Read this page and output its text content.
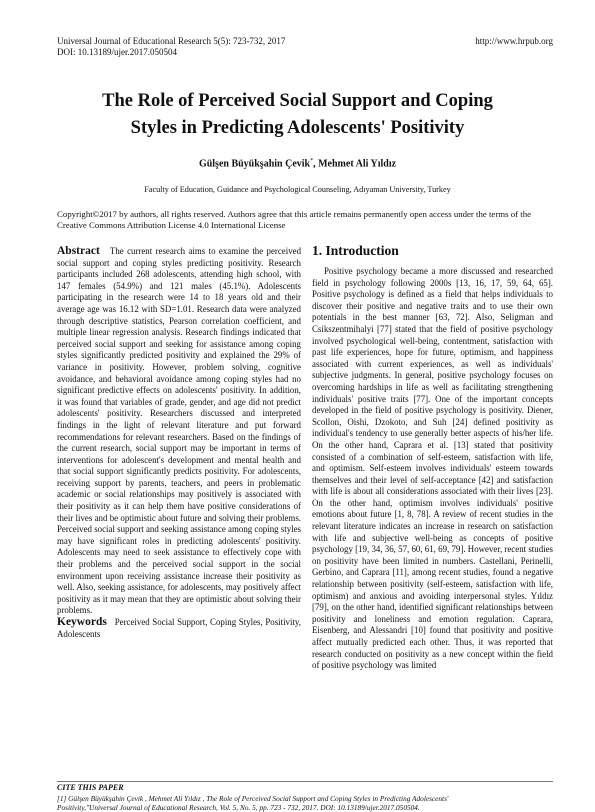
Universal Journal of Educational Research 5(5): 723-732, 2017
DOI: 10.13189/ujer.2017.050504
http://www.hrpub.org
The Role of Perceived Social Support and Coping
Styles in Predicting Adolescents' Positivity
Gülşen Büyükşahin Çevik*, Mehmet Ali Yıldız
Faculty of Education, Guidance and Psychological Counseling, Adıyaman University, Turkey
Copyright©2017 by authors, all rights reserved. Authors agree that this article remains permanently open access under the terms of the Creative Commons Attribution License 4.0 International License

Abstract The current research aims to examine the perceived social support and coping styles predicting positivity. Research participants included 268 adolescents, attending high school, with 147 females (54.9%) and 121 males (45.1%). Adolescents participating in the research were 14 to 18 years old and their average age was 16.12 with SD=1.01. Research data were analyzed through descriptive statistics, Pearson correlation coefficient, and multiple linear regression analysis. Research findings indicated that perceived social support and seeking for assistance among coping styles significantly predicted positivity and explained the 29% of variance in positivity. However, problem solving, cognitive avoidance, and behavioral avoidance among coping styles had no significant predictive effects on adolescents' positivity. In addition, it was found that variables of grade, gender, and age did not predict adolescents' positivity. Researchers discussed and interpreted findings in the light of relevant literature and put forward recommendations for relevant researchers. Based on the findings of the current research, social support may be important in terms of interventions for adolescent's development and mental health and that social support significantly predicts positivity. For adolescents, receiving support by parents, teachers, and peers in problematic academic or social relationships may positively is associated with their positivity as it can help them have positive considerations of their lives and be optimistic about future and solving their problems. Perceived social support and seeking assistance among coping styles may have significant roles in predicting adolescents' positivity. Adolescents may need to seek assistance to effectively cope with their problems and the perceived social support in the social environment upon receiving assistance increase their positivity as well. Also, seeking assistance, for adolescents, may positively affect positivity as it may mean that they are optimistic about solving their problems.

Keywords Perceived Social Support, Coping Styles, Positivity, Adolescents

1. Introduction

Positive psychology became a more discussed and researched field in psychology following 2000s [13, 16, 17, 59, 64, 65]. Positive psychology is defined as a field that helps individuals to discover their positive and negative traits and to use their own potentials in the best manner [63, 72]. Also, Seligman and Csikszentmihalyi [77] stated that the field of positive psychology involved psychological well-being, contentment, satisfaction with past life experiences, hope for future, optimism, and happiness associated with current experiences, as well as individuals' subjective judgments. In general, positive psychology focuses on overcoming hardships in life as well as facilitating strengthening individuals' positive traits [77]. One of the important concepts developed in the field of positive psychology is positivity. Diener, Scollon, Oishi, Dzokoto, and Suh [24] defined positivity as individual's tendency to use generally better aspects of his/her life. On the other hand, Caprara et al. [13] stated that positivity consisted of a combination of self-esteem, satisfaction with life, and optimism. Self-esteem involves individuals' esteem towards themselves and their level of self-acceptance [42] and satisfaction with life is about all considerations associated with their lives [23]. On the other hand, optimism involves individuals' positive emotions about future [1, 8, 78]. A review of recent studies in the relevant literature indicates an increase in research on satisfaction with life and subjective well-being as concepts of positive psychology [19, 34, 36, 57, 60, 61, 69, 79]. However, recent studies on positivity have been limited in numbers. Castellani, Perinelli, Gerbino, and Caprara [11], among recent studies, found a negative relationship between positivity (self-esteem, satisfaction with life, optimism) and anxious and avoiding interpersonal styles. Yıldız [79], on the other hand, identified significant relationships between positivity and loneliness and emotion regulation. Caprara, Eisenberg, and Alessandri [10] found that positivity and positive affect mutually predicted each other. Thus, it was reported that research conducted on positivity as a new concept within the field of positive psychology was limited

CITE THIS PAPER
[1] Gülşen Büyükşahin Çevik , Mehmet Ali Yıldız , The Role of Perceived Social Support and Coping Styles in Predicting Adolescents'
Positivity,"Universal Journal of Educational Research, Vol. 5, No. 5, pp. 723 - 732, 2017. DOI: 10.13189/ujer.2017.050504.
